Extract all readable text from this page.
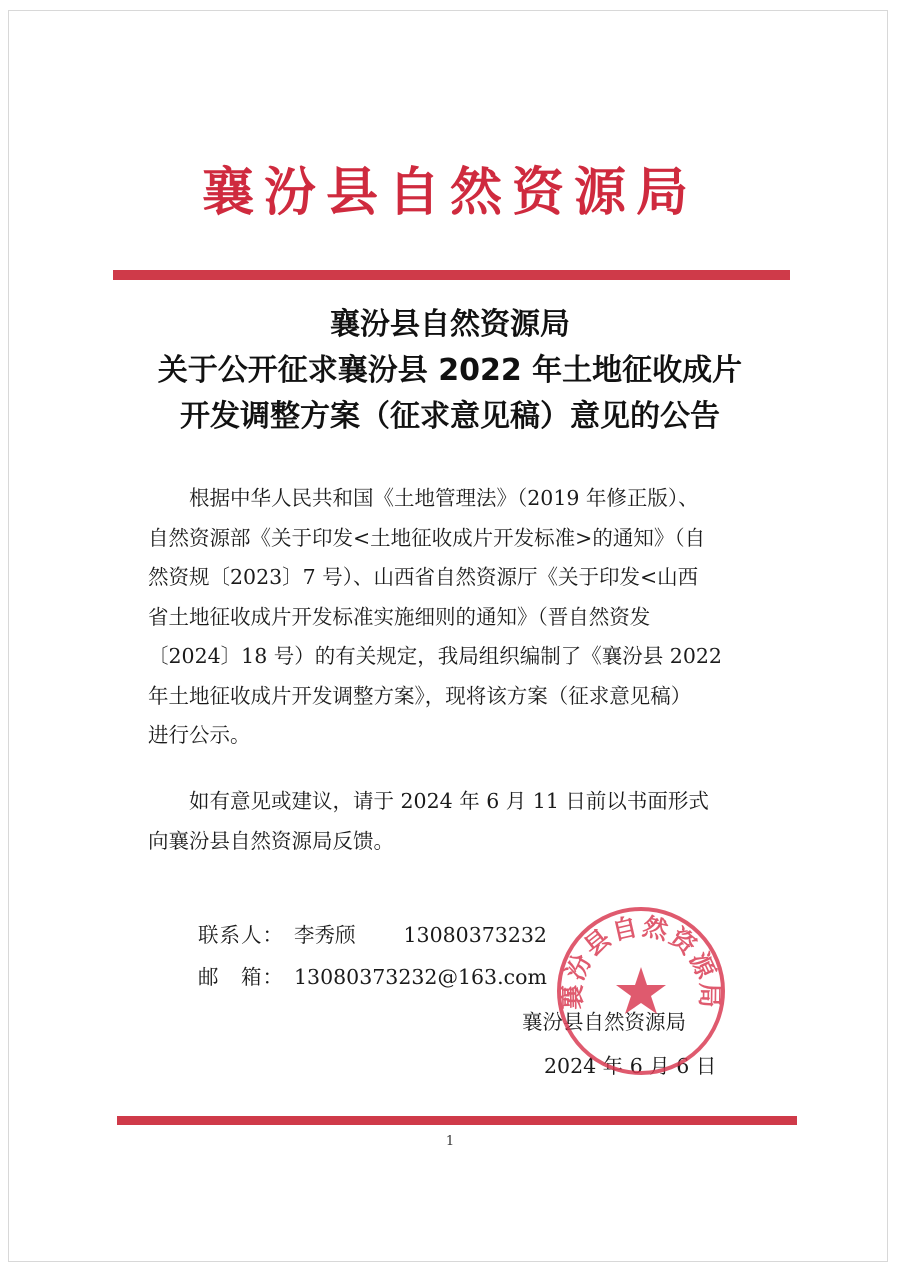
襄汾县自然资源局
襄汾县自然资源局
关于公开征求襄汾县 2022 年土地征收成片
开发调整方案（征求意见稿）意见的公告
　　根据中华人民共和国《土地管理法》（2019 年修正版）、
自然资源部《关于印发<土地征收成片开发标准>的通知》（自
然资规〔2023〕7 号）、山西省自然资源厅《关于印发<山西
省土地征收成片开发标准实施细则的通知》（晋自然资发
〔2024〕18 号）的有关规定，我局组织编制了《襄汾县 2022
年土地征收成片开发调整方案》，现将该方案（征求意见稿）
进行公示。
　　如有意见或建议，请于 2024 年 6 月 11 日前以书面形式
向襄汾县自然资源局反馈。
联系人： 李秀颀 13080373232
邮　箱： 13080373232@163.com
襄汾县自然资源局
2024 年 6 月 6 日
襄汾县自然资源局
1
